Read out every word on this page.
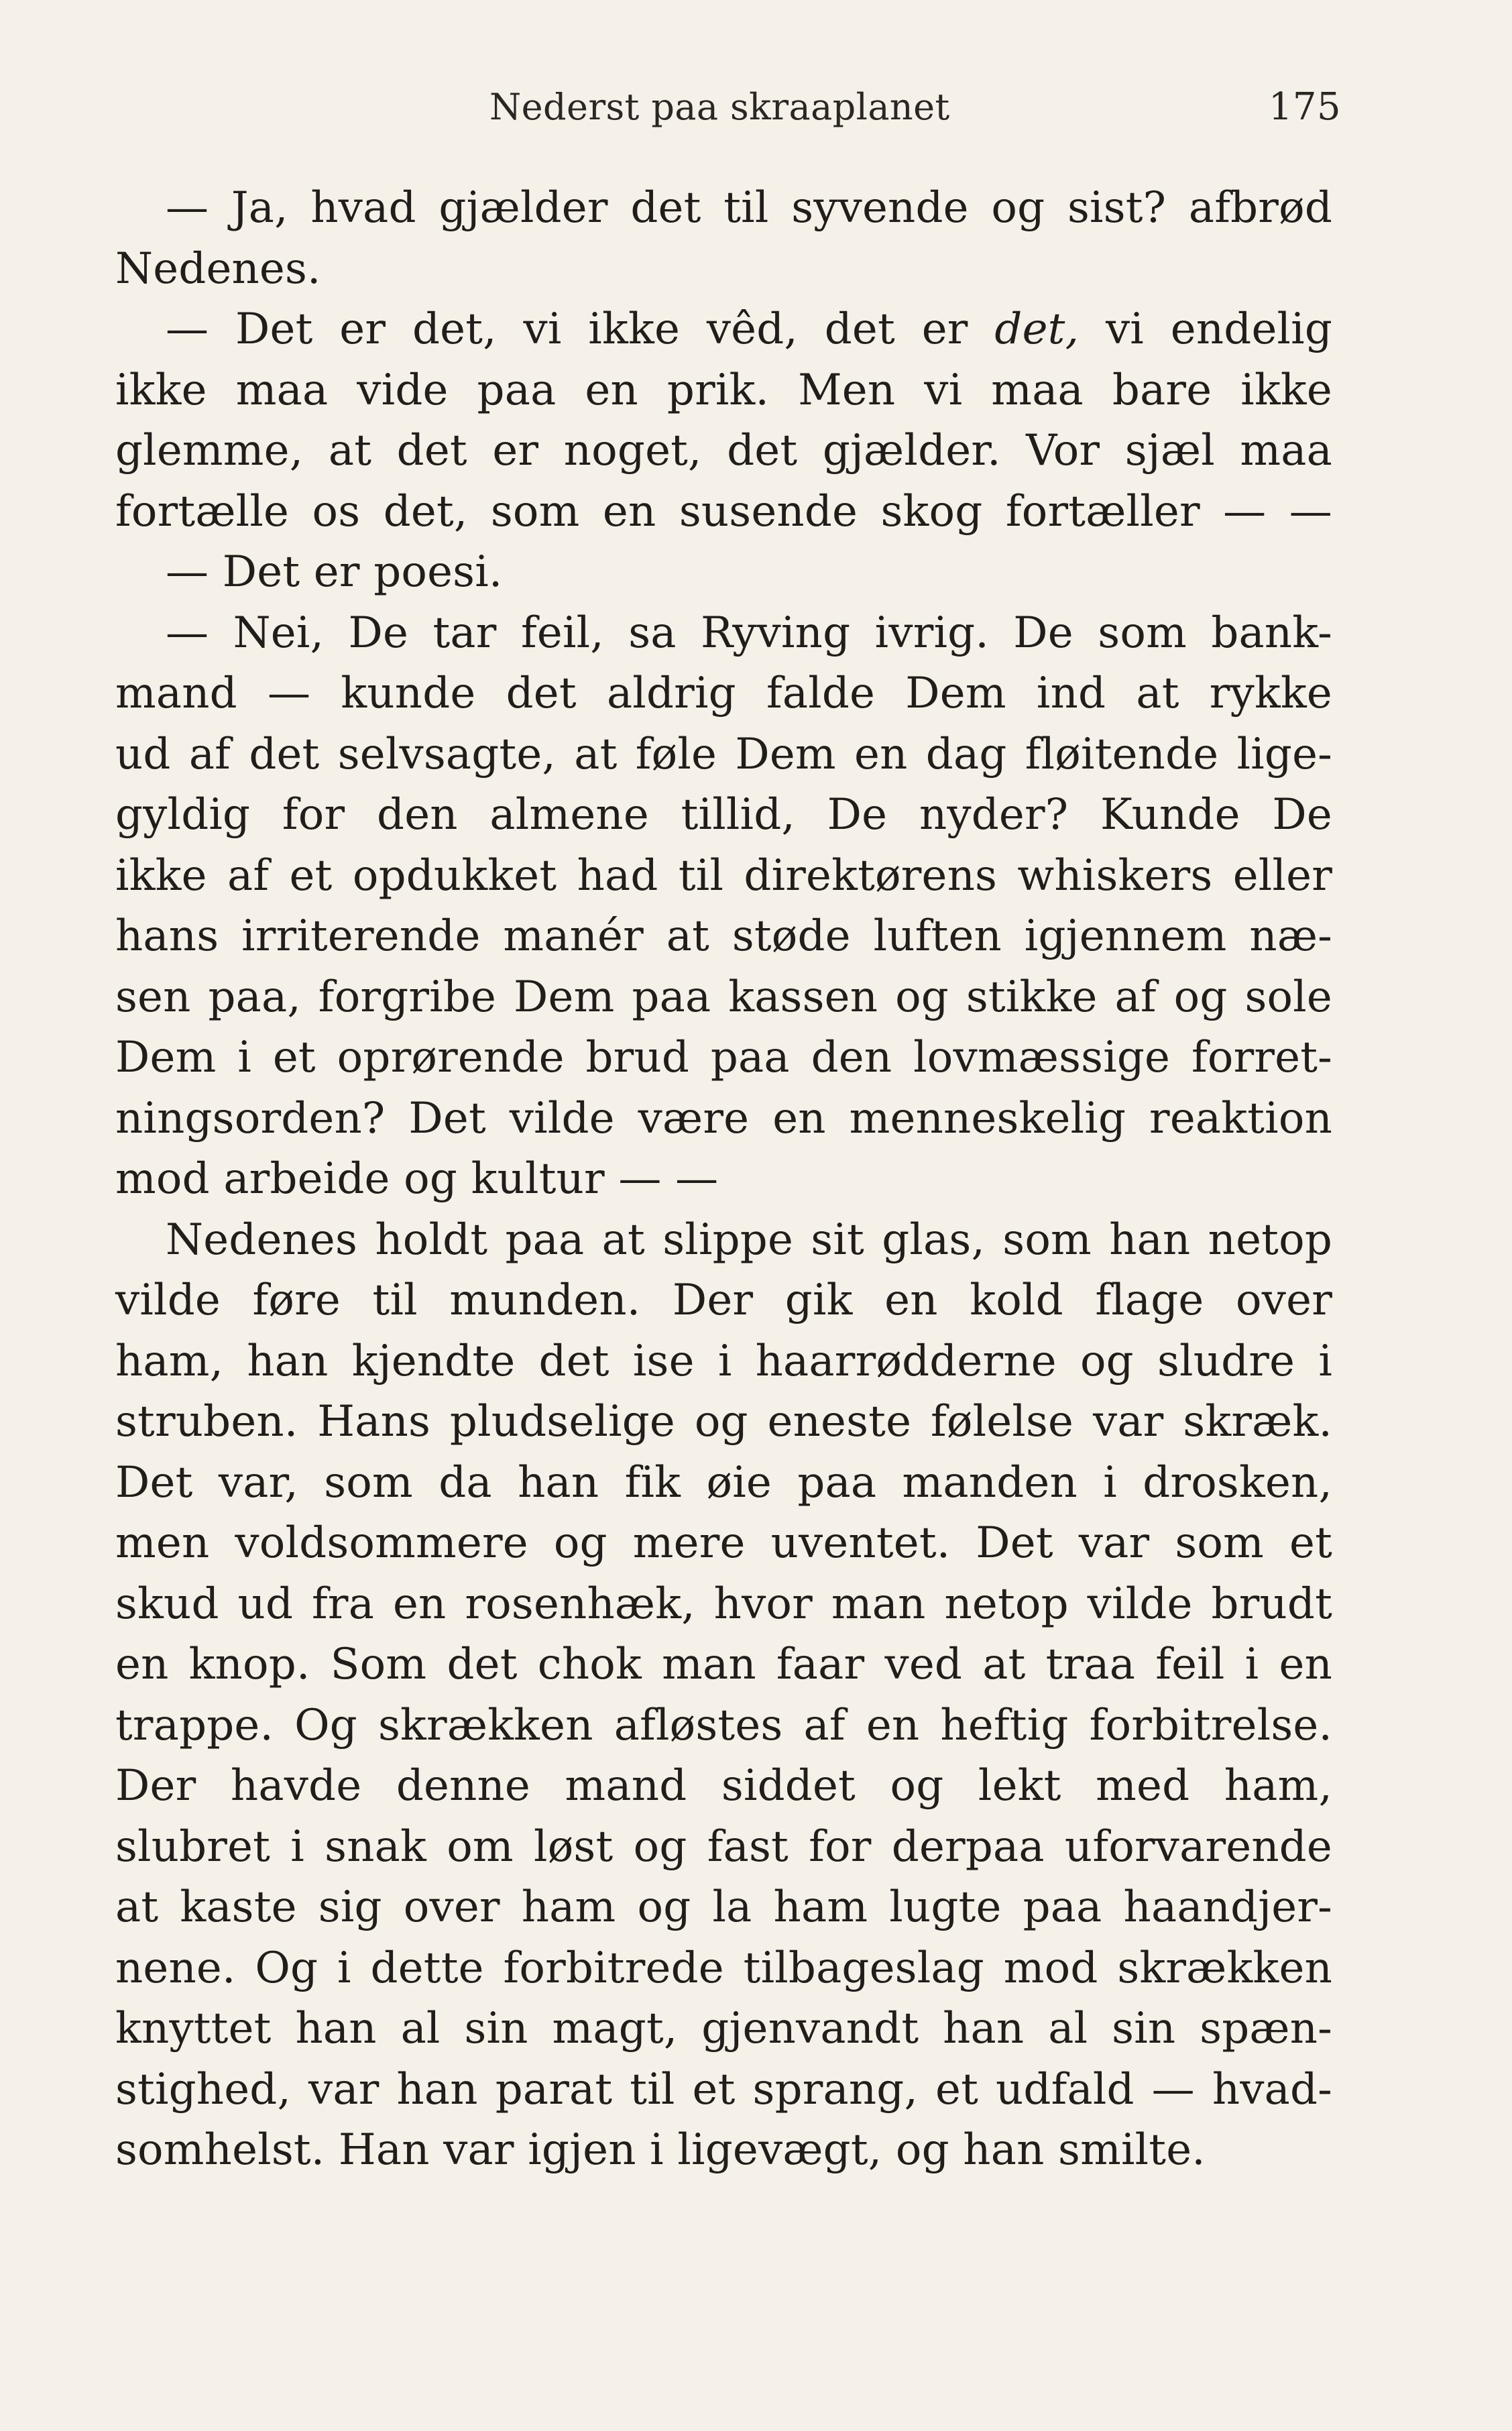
Nederst paa skraaplanet	175
— Ja, hvad gjælder det til syvende og sist? afbrød
Nedenes.
— Det er det, vi ikke vêd, det er det, vi endelig
ikke maa vide paa en prik. Men vi maa bare ikke
glemme, at det er noget, det gjælder. Vor sjæl maa
fortælle os det, som en susende skog fortæller — —
— Det er poesi.
— Nei, De tar feil, sa Ryving ivrig. De som bank-
mand — kunde det aldrig falde Dem ind at rykke
ud af det selvsagte, at føle Dem en dag fløitende lige-
gyldig for den almene tillid, De nyder? Kunde De
ikke af et opdukket had til direktørens whiskers eller
hans irriterende manér at støde luften igjennem næ-
sen paa, forgribe Dem paa kassen og stikke af og sole
Dem i et oprørende brud paa den lovmæssige forret-
ningsorden? Det vilde være en menneskelig reaktion
mod arbeide og kultur — —
Nedenes holdt paa at slippe sit glas, som han netop
vilde føre til munden. Der gik en kold flage over
ham, han kjendte det ise i haarrødderne og sludre i
struben. Hans pludselige og eneste følelse var skræk.
Det var, som da han fik øie paa manden i drosken,
men voldsommere og mere uventet. Det var som et
skud ud fra en rosenhæk, hvor man netop vilde brudt
en knop. Som det chok man faar ved at traa feil i en
trappe. Og skrækken afløstes af en heftig forbitrelse.
Der havde denne mand siddet og lekt med ham,
slubret i snak om løst og fast for derpaa uforvarende
at kaste sig over ham og la ham lugte paa haandjer-
nene. Og i dette forbitrede tilbageslag mod skrækken
knyttet han al sin magt, gjenvandt han al sin spæn-
stighed, var han parat til et sprang, et udfald — hvad-
somhelst. Han var igjen i ligevægt, og han smilte.
